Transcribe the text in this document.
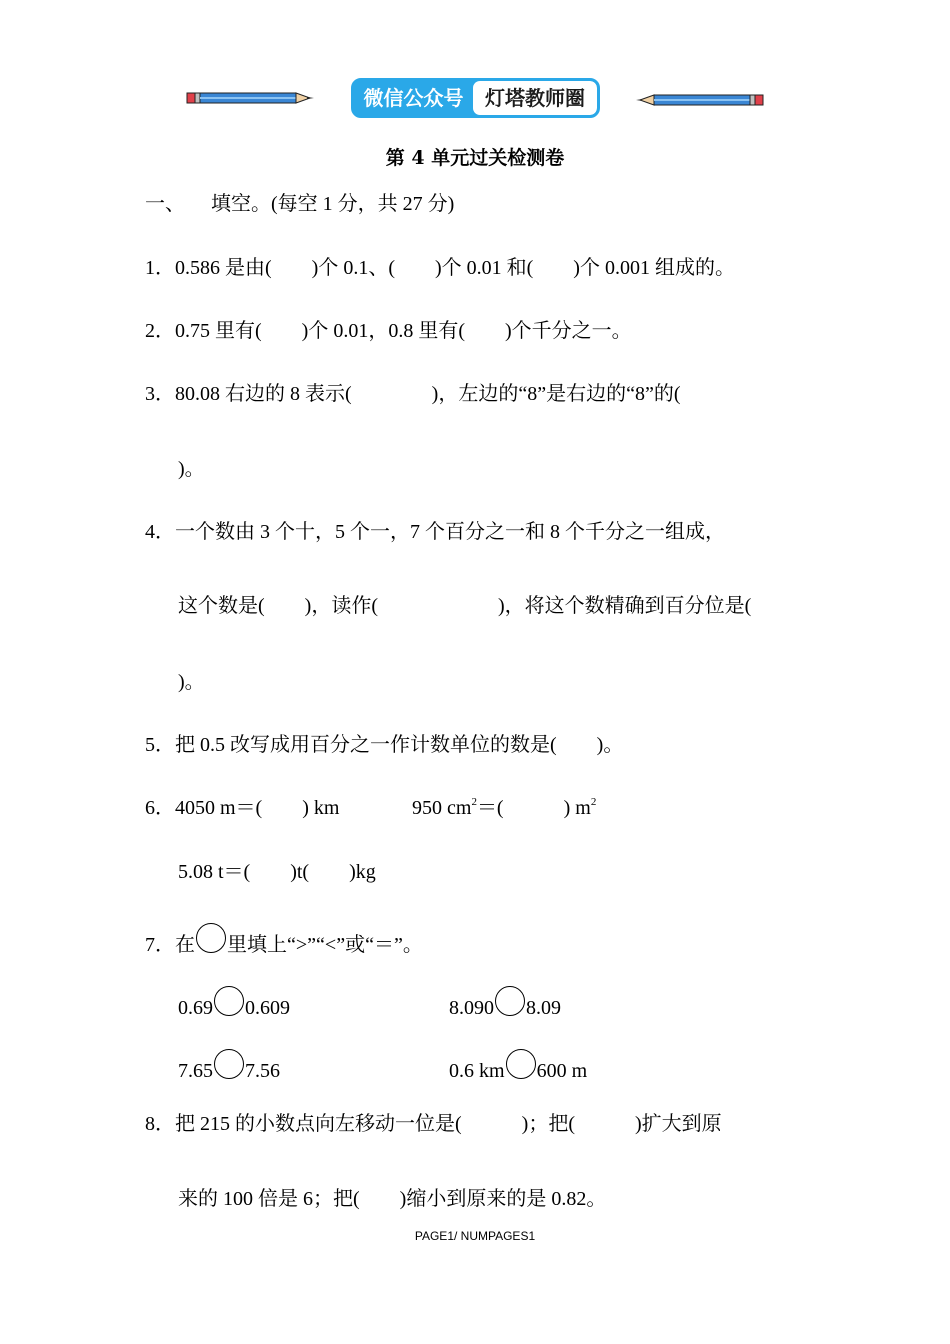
微信公众号	灯塔教师圈
第 4 单元过关检测卷
一、 填空。(每空 1 分，共 27 分)
1．0.586 是由(　　)个 0.1、(　　)个 0.01 和(　　)个 0.001 组成的。
2．0.75 里有(　　)个 0.01，0.8 里有(　　)个千分之一。
3．80.08 右边的 8 表示(　　　　)，左边的“8”是右边的“8”的(
)。
4．一个数由 3 个十，5 个一，7 个百分之一和 8 个千分之一组成，
这个数是(　　)，读作(　　　　　　)，将这个数精确到百分位是(
)。
5．把 0.5 改写成用百分之一作计数单位的数是(　　)。
6．4050 m＝(　　) km	950 $cm^2=$(　　　) $m^2$
5.08 t＝(　　)t(　　)kg
7．在 里填上“>”“<”或“＝”。
0.69 0.609	8.090 8.09
7.65 7.56	0.6 km 600 m
8．把 215 的小数点向左移动一位是(　　　)；把(　　　)扩大到原
来的 100 倍是 6；把(　　)缩小到原来的是 0.82。
PAGE1/ NUMPAGES1
